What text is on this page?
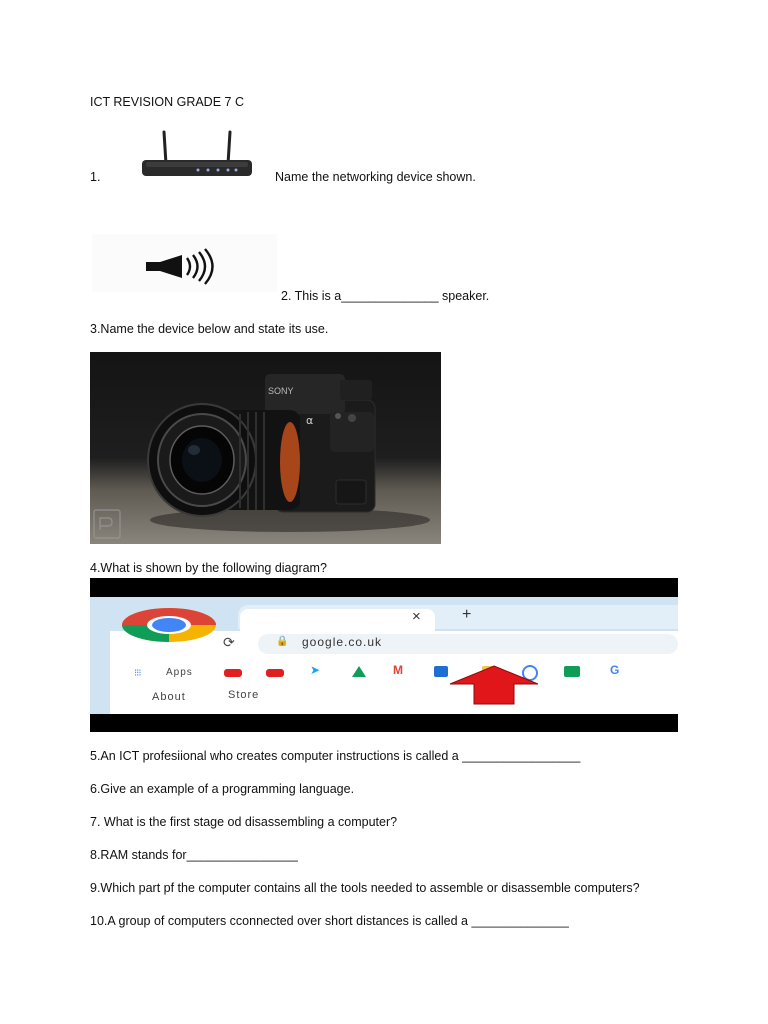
ICT REVISION GRADE 7 C
1.	Name the networking device shown.
2. This is a______________ speaker.
3.Name the device below and state its use.
SONY
α
4.What is shown by the following diagram?
×	+
⟳	🔒 google.co.uk
⁝⁝⁝	Apps	➤	M	G
About	Store
5.An ICT profesiional who creates computer instructions is called a _________________
6.Give an example of a programming language.
7. What is the first stage od disassembling a computer?
8.RAM stands for________________
9.Which part pf the computer contains all the tools needed to assemble or disassemble computers?
10.A group of computers cconnected over short distances is called a ______________
